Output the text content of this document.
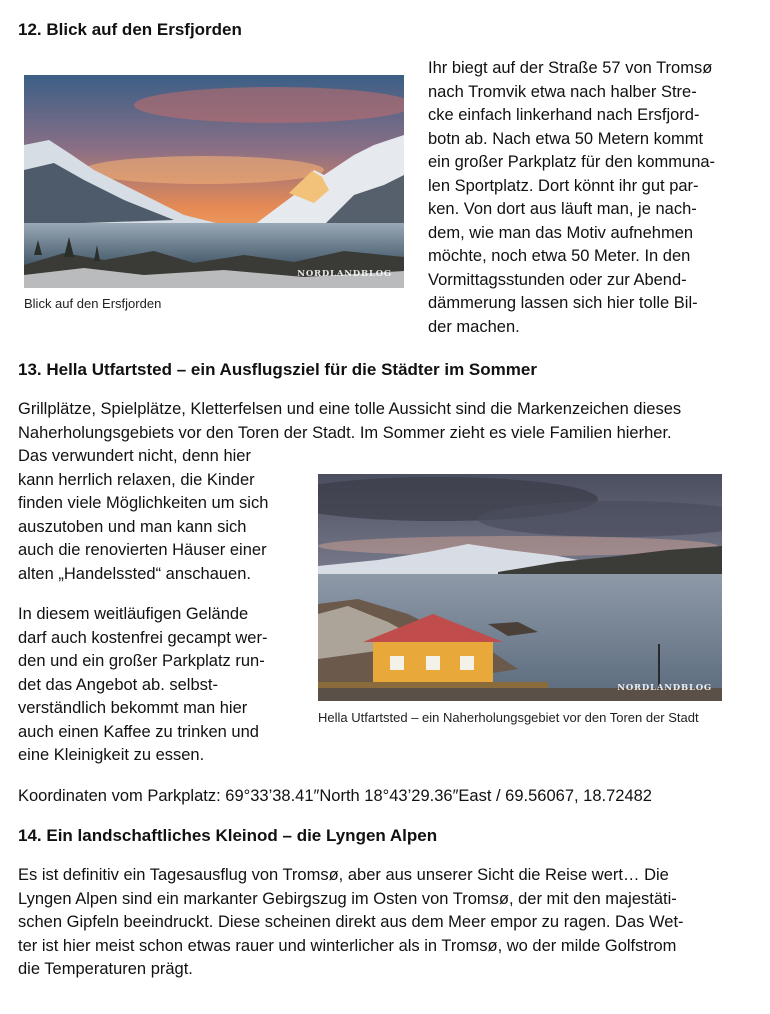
12. Blick auf den Ersfjorden
NORDLANDBLOG
Blick auf den Ersfjorden
Ihr biegt auf der Straße 57 von Tromsø
nach Tromvik etwa nach halber Stre-
cke einfach linkerhand nach Ersfjord-
botn ab. Nach etwa 50 Metern kommt
ein großer Parkplatz für den kommuna-
len Sportplatz. Dort könnt ihr gut par-
ken. Von dort aus läuft man, je nach-
dem, wie man das Motiv aufnehmen
möchte, noch etwa 50 Meter. In den
Vormittagsstunden oder zur Abend-
dämmerung lassen sich hier tolle Bil-
der machen.
13. Hella Utfartsted – ein Ausflugsziel für die Städter im Sommer
Grillplätze, Spielplätze, Kletterfelsen und eine tolle Aussicht sind die Markenzeichen dieses
Naherholungsgebiets vor den Toren der Stadt. Im Sommer zieht es viele Familien hierher.
Das verwundert nicht, denn hier
kann herrlich relaxen, die Kinder
finden viele Möglichkeiten um sich
auszutoben und man kann sich
auch die renovierten Häuser einer
alten „Handelssted“ anschauen.
In diesem weitläufigen Gelände
darf auch kostenfrei gecampt wer-
den und ein großer Parkplatz run-
det das Angebot ab. selbst-
verständlich bekommt man hier
auch einen Kaffee zu trinken und
eine Kleinigkeit zu essen.
NORDLANDBLOG
Hella Utfartsted – ein Naherholungsgebiet vor den Toren der Stadt
Koordinaten vom Parkplatz: 69°33’38.41″North 18°43’29.36″East / 69.56067, 18.72482
14. Ein landschaftliches Kleinod – die Lyngen Alpen
Es ist definitiv ein Tagesausflug von Tromsø, aber aus unserer Sicht die Reise wert… Die
Lyngen Alpen sind ein markanter Gebirgszug im Osten von Tromsø, der mit den majestäti-
schen Gipfeln beeindruckt. Diese scheinen direkt aus dem Meer empor zu ragen. Das Wet-
ter ist hier meist schon etwas rauer und winterlicher als in Tromsø, wo der milde Golfstrom
die Temperaturen prägt.
